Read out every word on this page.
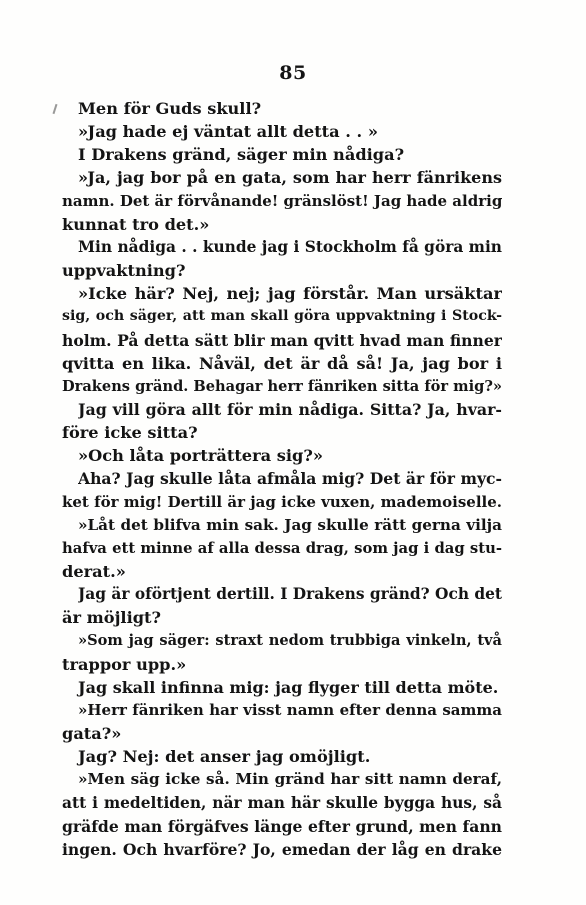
85
Men för Guds skull?
»Jag hade ej väntat allt detta . . »
I Drakens gränd, säger min nådiga?
»Ja, jag bor på en gata, som har herr fänrikens
namn. Det är förvånande! gränslöst! Jag hade aldrig
kunnat tro det.»
Min nådiga . . kunde jag i Stockholm få göra min
uppvaktning?
»Icke här? Nej, nej; jag förstår. Man ursäktar
sig, och säger, att man skall göra uppvaktning i Stock-
holm. På detta sätt blir man qvitt hvad man finner
qvitta en lika. Nåväl, det är då så! Ja, jag bor i
Drakens gränd. Behagar herr fänriken sitta för mig?»
Jag vill göra allt för min nådiga. Sitta? Ja, hvar-
före icke sitta?
»Och låta porträttera sig?»
Aha? Jag skulle låta afmåla mig? Det är för myc-
ket för mig! Dertill är jag icke vuxen, mademoiselle.
»Låt det blifva min sak. Jag skulle rätt gerna vilja
hafva ett minne af alla dessa drag, som jag i dag stu-
derat.»
Jag är oförtjent dertill. I Drakens gränd? Och det
är möjligt?
»Som jag säger: straxt nedom trubbiga vinkeln, två
trappor upp.»
Jag skall infinna mig: jag flyger till detta möte.
»Herr fänriken har visst namn efter denna samma
gata?»
Jag? Nej: det anser jag omöjligt.
»Men säg icke så. Min gränd har sitt namn deraf,
att i medeltiden, när man här skulle bygga hus, så
gräfde man förgäfves länge efter grund, men fann
ingen. Och hvarföre? Jo, emedan der låg en drake
